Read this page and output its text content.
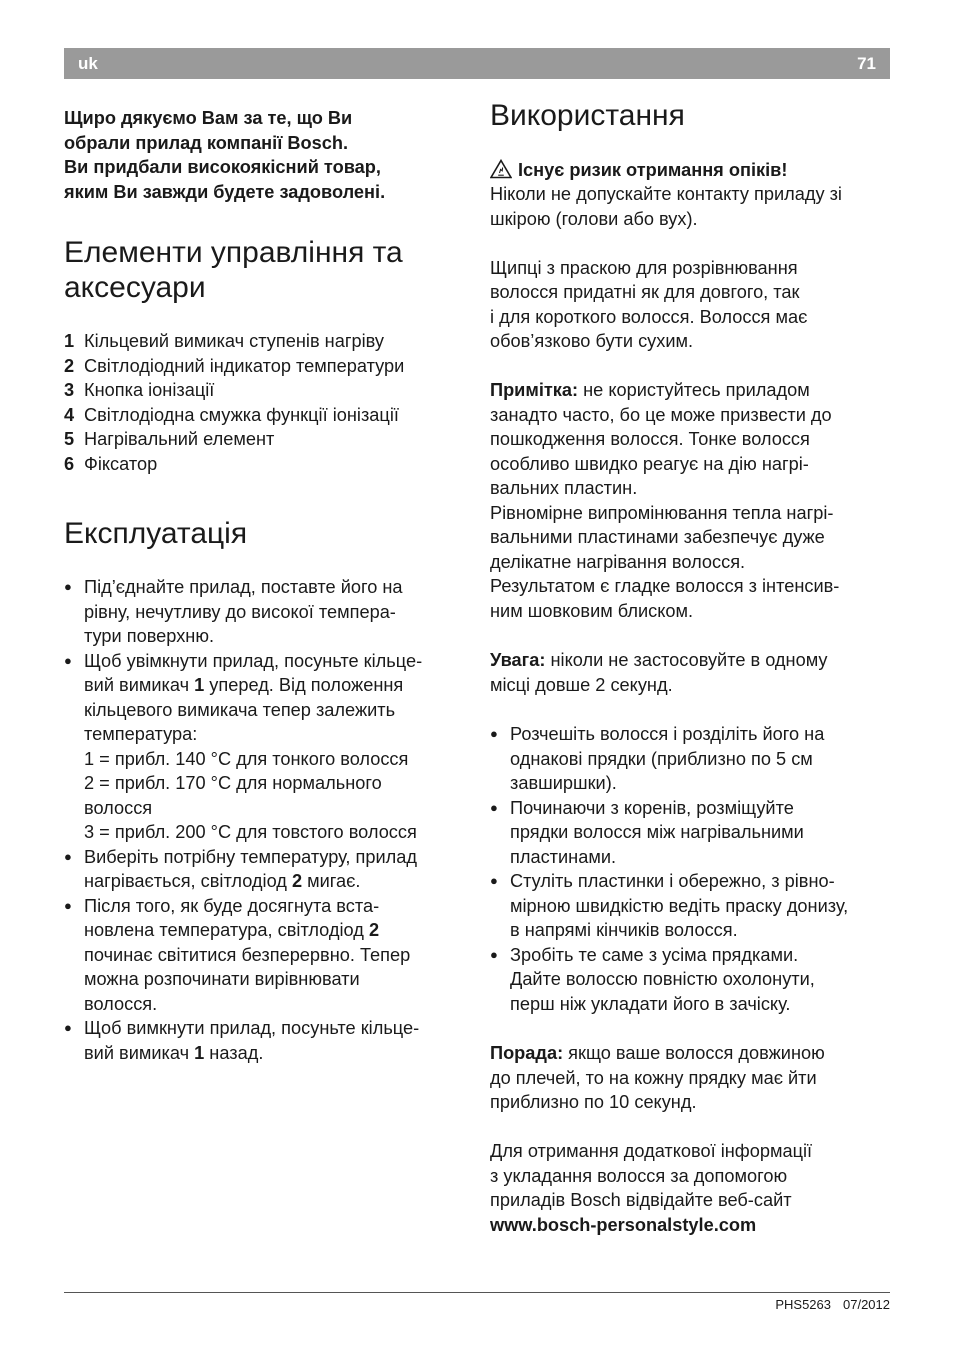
uk	71
Щиро дякуємо Вам за те, що Ви
обрали прилад компанії Bosch.
Ви придбали високоякісний товар,
яким Ви завжди будете задоволені.
Елементи управління та
аксесуари
1 Кільцевий вимикач ступенів нагріву
2 Світлодіодний індикатор температури
3 Кнопка іонізації
4 Світлодіодна смужка функції іонізації
5 Нагрівальний елемент
6 Фіксатор
Експлуатація
● Під’єднайте прилад, поставте його на
рівну, нечутливу до високої темпера-
тури поверхню.
● Щоб увімкнути прилад, посуньте кільце-
вий вимикач 1 уперед. Від положення
кільцевого вимикача тепер залежить
температура:
1 = прибл. 140 °C для тонкого волосся
2 = прибл. 170 °C для нормального
волосся
3 = прибл. 200 °C для товстого волосся
● Виберіть потрібну температуру, прилад
нагрівається, світлодіод 2 мигає.
● Після того, як буде досягнута вста-
новлена температура, світлодіод 2
починає світитися безперервно. Тепер
можна розпочинати вирівнювати
волосся.
● Щоб вимкнути прилад, посуньте кільце-
вий вимикач 1 назад.
Використання
Існує ризик отримання опіків!
Ніколи не допускайте контакту приладу зі
шкірою (голови або вух).
Щипці з праскою для розрівнювання
волосся придатні як для довгого, так
і для короткого волосся. Волосся має
обов’язково бути сухим.
Примітка: не користуйтесь приладом
занадто часто, бо це може призвести до
пошкодження волосся. Тонке волосся
особливо швидко реагує на дію нагрі-
вальних пластин.
Рівномірне випромінювання тепла нагрі-
вальними пластинами забезпечує дуже
делікатне нагрівання волосся.
Результатом є гладке волосся з інтенсив-
ним шовковим блиском.
Увага: ніколи не застосовуйте в одному
місці довше 2 секунд.
● Розчешіть волосся і розділіть його на
однакові прядки (приблизно по 5 см
завширшки).
● Починаючи з коренів, розміщуйте
прядки волосся між нагрівальними
пластинами.
● Стуліть пластинки і обережно, з рівно-
мірною швидкістю ведіть праску донизу,
в напрямі кінчиків волосся.
● Зробіть те саме з усіма прядками.
Дайте волоссю повністю охолонути,
перш ніж укладати його в зачіску.
Порада: якщо ваше волосся довжиною
до плечей, то на кожну прядку має йти
приблизно по 10 секунд.
Для отримання додаткової інформації
з укладання волосся за допомогою
приладів Bosch відвідайте веб-сайт
www.bosch-personalstyle.com
PHS5263 07/2012
